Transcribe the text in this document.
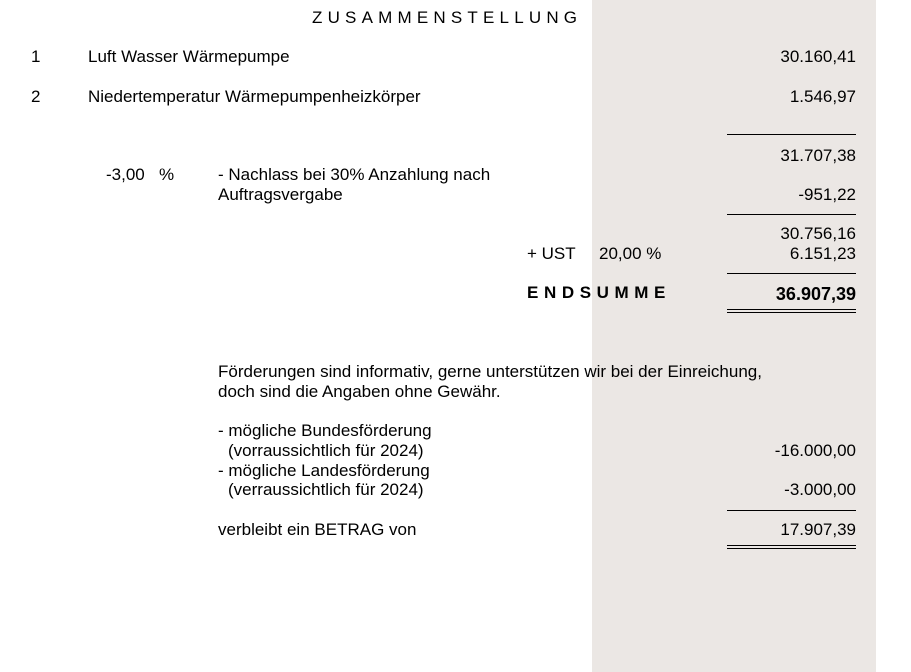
ZUSAMMENSTELLUNG
1	Luft Wasser Wärmepumpe	30.160,41
2	Niedertemperatur Wärmepumpenheizkörper	1.546,97
31.707,38
-3,00 %	- Nachlass bei 30% Anzahlung nach
Auftragsvergabe	-951,22
30.756,16
+ UST 20,00 %	6.151,23
ENDSUMME	36.907,39
Förderungen sind informativ, gerne unterstützen wir bei der Einreichung,
doch sind die Angaben ohne Gewähr.
- mögliche Bundesförderung
(vorraussichtlich für 2024)	-16.000,00
- mögliche Landesförderung
(verraussichtlich für 2024)	-3.000,00
verbleibt ein BETRAG von	17.907,39
